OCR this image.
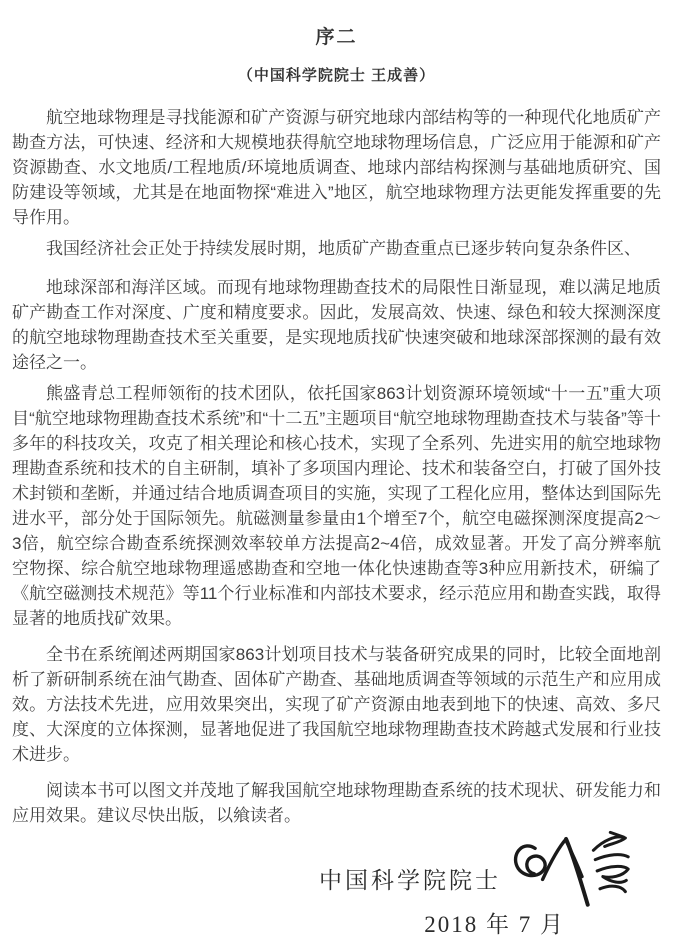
序二
（中国科学院院士 王成善）

航空地球物理是寻找能源和矿产资源与研究地球内部结构等的一种现代化地质矿产勘查方法，可快速、经济和大规模地获得航空地球物理场信息，广泛应用于能源和矿产资源勘查、水文地质/工程地质/环境地质调查、地球内部结构探测与基础地质研究、国防建设等领域，尤其是在地面物探“难进入”地区，航空地球物理方法更能发挥重要的先导作用。

我国经济社会正处于持续发展时期，地质矿产勘查重点已逐步转向复杂条件区、

地球深部和海洋区域。而现有地球物理勘查技术的局限性日渐显现，难以满足地质矿产勘查工作对深度、广度和精度要求。因此，发展高效、快速、绿色和较大探测深度的航空地球物理勘查技术至关重要，是实现地质找矿快速突破和地球深部探测的最有效途径之一。

熊盛青总工程师领衔的技术团队，依托国家863计划资源环境领域“十一五”重大项目“航空地球物理勘查技术系统”和“十二五”主题项目“航空地球物理勘查技术与装备”等十多年的科技攻关，攻克了相关理论和核心技术，实现了全系列、先进实用的航空地球物理勘查系统和技术的自主研制，填补了多项国内理论、技术和装备空白，打破了国外技术封锁和垄断，并通过结合地质调查项目的实施，实现了工程化应用，整体达到国际先进水平，部分处于国际领先。航磁测量参量由1个增至7个，航空电磁探测深度提高2～3倍，航空综合勘查系统探测效率较单方法提高2~4倍，成效显著。开发了高分辨率航空物探、综合航空地球物理遥感勘查和空地一体化快速勘查等3种应用新技术，研编了《航空磁测技术规范》等11个行业标准和内部技术要求，经示范应用和勘查实践，取得显著的地质找矿效果。

全书在系统阐述两期国家863计划项目技术与装备研究成果的同时，比较全面地剖析了新研制系统在油气勘查、固体矿产勘查、基础地质调查等领域的示范生产和应用成效。方法技术先进，应用效果突出，实现了矿产资源由地表到地下的快速、高效、多尺度、大深度的立体探测，显著地促进了我国航空地球物理勘查技术跨越式发展和行业技术进步。

阅读本书可以图文并茂地了解我国航空地球物理勘查系统的技术现状、研发能力和应用效果。建议尽快出版，以飨读者。

中国科学院院士
2018 年 7 月
